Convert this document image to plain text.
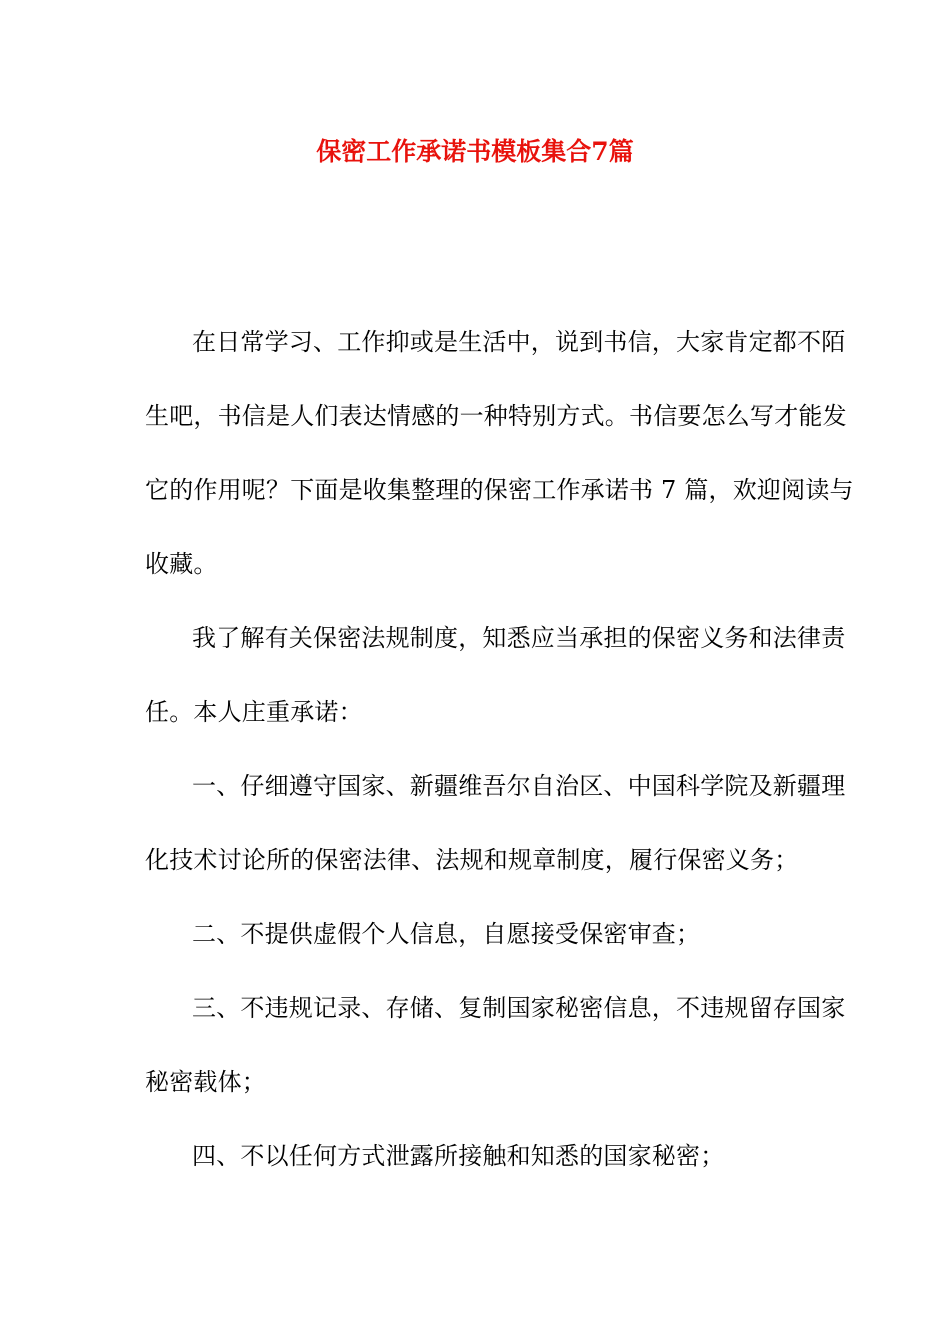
保密工作承诺书模板集合7篇
在日常学习、工作抑或是生活中，说到书信，大家肯定都不陌
生吧，书信是人们表达情感的一种特别方式。书信要怎么写才能发
它的作用呢？下面是收集整理的保密工作承诺书 7 篇，欢迎阅读与
收藏。
我了解有关保密法规制度，知悉应当承担的保密义务和法律责
任。本人庄重承诺：
一、仔细遵守国家、新疆维吾尔自治区、中国科学院及新疆理
化技术讨论所的保密法律、法规和规章制度，履行保密义务；
二、不提供虚假个人信息，自愿接受保密审查；
三、不违规记录、存储、复制国家秘密信息，不违规留存国家
秘密载体；
四、不以任何方式泄露所接触和知悉的国家秘密；
